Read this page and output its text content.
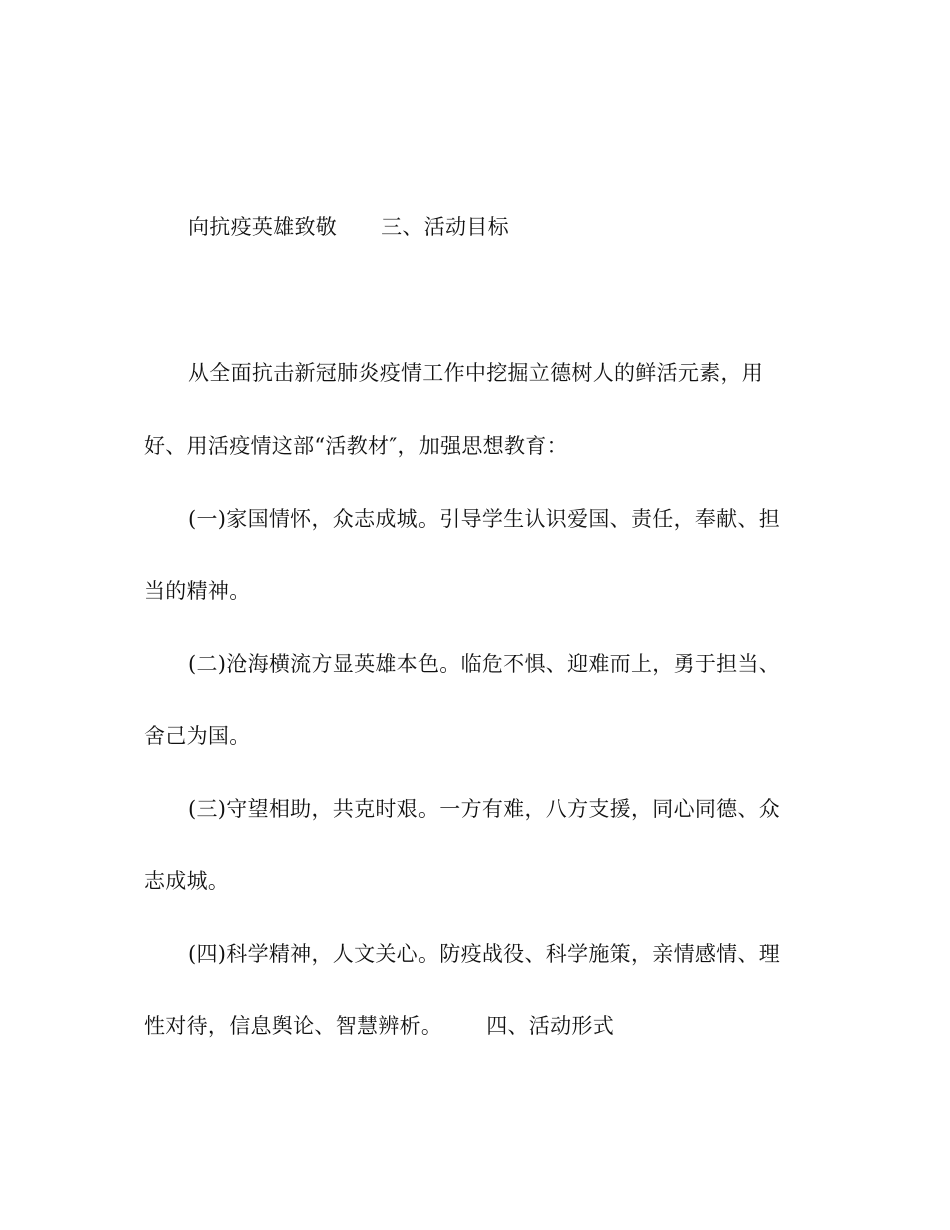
向抗疫英雄致敬 三、活动目标
从全面抗击新冠肺炎疫情工作中挖掘立德树人的鲜活元素，用
好、用活疫情这部“活教材″，加强思想教育：
(一)家国情怀，众志成城。引导学生认识爱国、责任，奉献、担
当的精神。
(二)沧海横流方显英雄本色。临危不惧、迎难而上，勇于担当、
舍己为国。
(三)守望相助，共克时艰。一方有难，八方支援，同心同德、众
志成城。
(四)科学精神，人文关心。防疫战役、科学施策，亲情感情、理
性对待，信息舆论、智慧辨析。 四、活动形式
